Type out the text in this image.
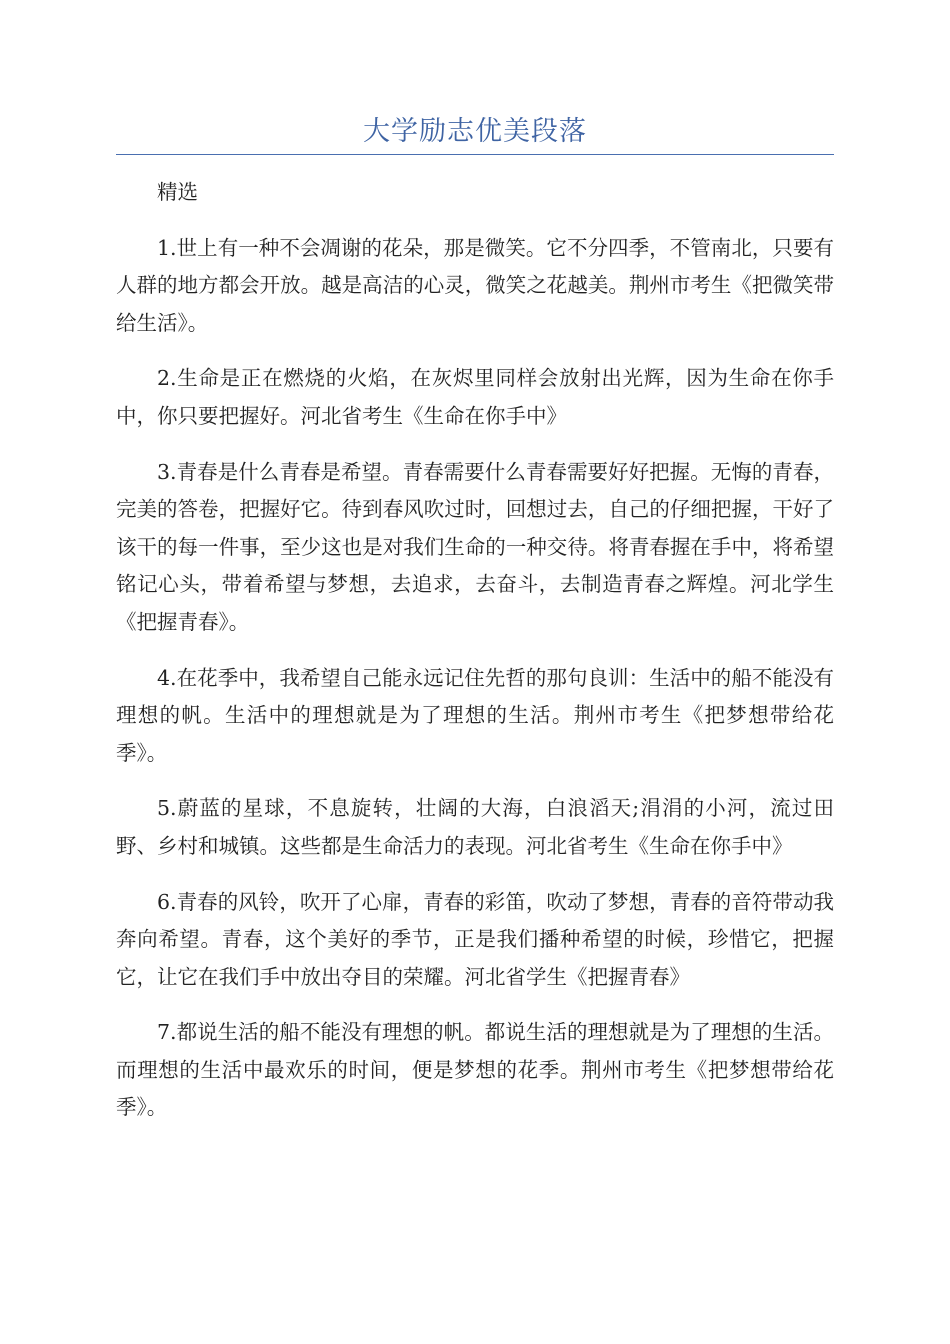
大学励志优美段落

精选

1.世上有一种不会凋谢的花朵，那是微笑。它不分四季，不管南北，只要有人群的地方都会开放。越是高洁的心灵，微笑之花越美。荆州市考生《把微笑带给生活》。

2.生命是正在燃烧的火焰，在灰烬里同样会放射出光辉，因为生命在你手中，你只要把握好。河北省考生《生命在你手中》

3.青春是什么青春是希望。青春需要什么青春需要好好把握。无悔的青春，完美的答卷，把握好它。待到春风吹过时，回想过去，自己的仔细把握，干好了该干的每一件事，至少这也是对我们生命的一种交待。将青春握在手中，将希望铭记心头，带着希望与梦想，去追求，去奋斗，去制造青春之辉煌。河北学生《把握青春》。

4.在花季中，我希望自己能永远记住先哲的那句良训：生活中的船不能没有理想的帆。生活中的理想就是为了理想的生活。荆州市考生《把梦想带给花季》。

5.蔚蓝的星球，不息旋转，壮阔的大海，白浪滔天;涓涓的小河，流过田野、乡村和城镇。这些都是生命活力的表现。河北省考生《生命在你手中》

6.青春的风铃，吹开了心扉，青春的彩笛，吹动了梦想，青春的音符带动我奔向希望。青春，这个美好的季节，正是我们播种希望的时候，珍惜它，把握它，让它在我们手中放出夺目的荣耀。河北省学生《把握青春》

7.都说生活的船不能没有理想的帆。都说生活的理想就是为了理想的生活。而理想的生活中最欢乐的时间，便是梦想的花季。荆州市考生《把梦想带给花季》。
